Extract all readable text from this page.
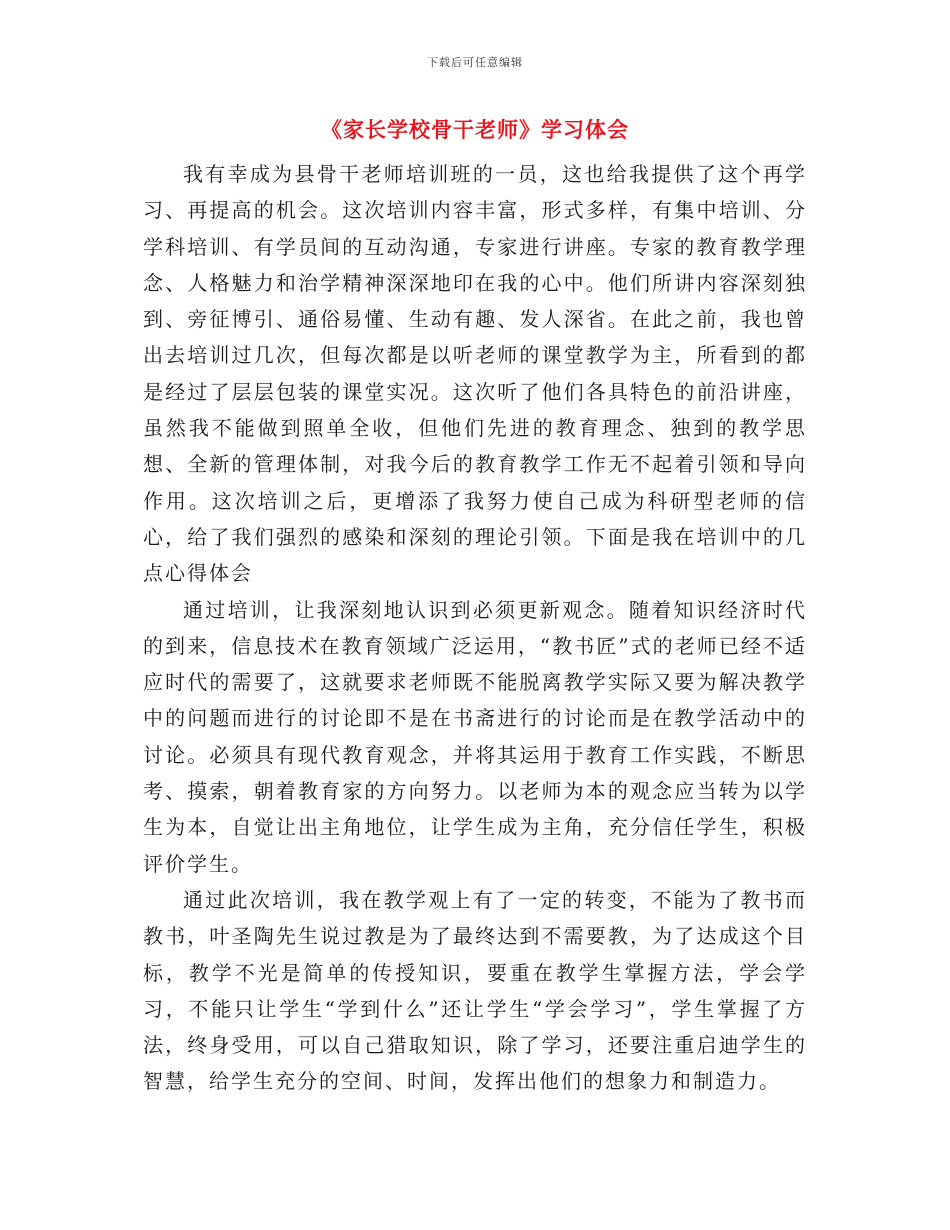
下载后可任意编辑
《家长学校骨干老师》学习体会

我有幸成为县骨干老师培训班的一员，这也给我提供了这个再学习、再提高的机会。这次培训内容丰富，形式多样，有集中培训、分学科培训、有学员间的互动沟通，专家进行讲座。专家的教育教学理念、人格魅力和治学精神深深地印在我的心中。他们所讲内容深刻独到、旁征博引、通俗易懂、生动有趣、发人深省。在此之前，我也曾出去培训过几次，但每次都是以听老师的课堂教学为主，所看到的都是经过了层层包装的课堂实况。这次听了他们各具特色的前沿讲座，虽然我不能做到照单全收，但他们先进的教育理念、独到的教学思想、全新的管理体制，对我今后的教育教学工作无不起着引领和导向作用。这次培训之后，更增添了我努力使自己成为科研型老师的信心，给了我们强烈的感染和深刻的理论引领。下面是我在培训中的几点心得体会

通过培训，让我深刻地认识到必须更新观念。随着知识经济时代的到来，信息技术在教育领域广泛运用，“教书匠”式的老师已经不适应时代的需要了，这就要求老师既不能脱离教学实际又要为解决教学中的问题而进行的讨论即不是在书斋进行的讨论而是在教学活动中的讨论。必须具有现代教育观念，并将其运用于教育工作实践，不断思考、摸索，朝着教育家的方向努力。以老师为本的观念应当转为以学生为本，自觉让出主角地位，让学生成为主角，充分信任学生，积极评价学生。

通过此次培训，我在教学观上有了一定的转变，不能为了教书而教书，叶圣陶先生说过教是为了最终达到不需要教，为了达成这个目标，教学不光是简单的传授知识，要重在教学生掌握方法，学会学习，不能只让学生“学到什么”还让学生“学会学习”，学生掌握了方法，终身受用，可以自己猎取知识，除了学习，还要注重启迪学生的智慧，给学生充分的空间、时间，发挥出他们的想象力和制造力。
